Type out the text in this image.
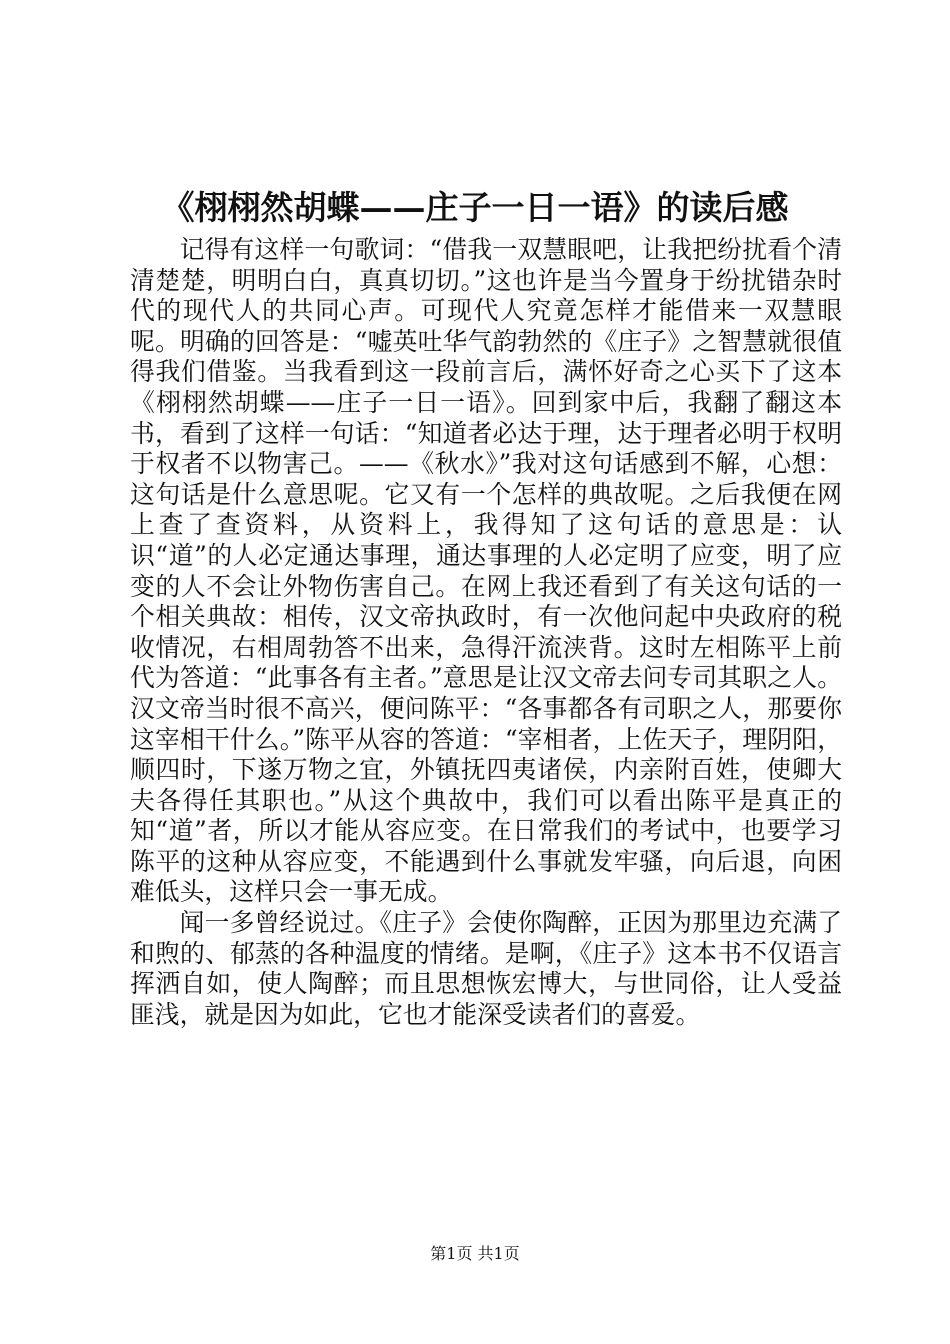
《栩栩然胡蝶——庄子一日一语》的读后感

记得有这样一句歌词：“借我一双慧眼吧，让我把纷扰看个清清楚楚，明明白白，真真切切。”这也许是当今置身于纷扰错杂时代的现代人的共同心声。可现代人究竟怎样才能借来一双慧眼呢。明确的回答是：“嘘英吐华气韵勃然的《庄子》之智慧就很值得我们借鉴。当我看到这一段前言后，满怀好奇之心买下了这本《栩栩然胡蝶——庄子一日一语》。回到家中后，我翻了翻这本书，看到了这样一句话：“知道者必达于理，达于理者必明于权明于权者不以物害己。——《秋水》”我对这句话感到不解，心想：这句话是什么意思呢。它又有一个怎样的典故呢。之后我便在网上查了查资料，从资料上，我得知了这句话的意思是：认识“道”的人必定通达事理，通达事理的人必定明了应变，明了应变的人不会让外物伤害自己。在网上我还看到了有关这句话的一个相关典故：相传，汉文帝执政时，有一次他问起中央政府的税收情况，右相周勃答不出来，急得汗流浃背。这时左相陈平上前代为答道：“此事各有主者。”意思是让汉文帝去问专司其职之人。汉文帝当时很不高兴，便问陈平：“各事都各有司职之人，那要你这宰相干什么。”陈平从容的答道：“宰相者，上佐天子，理阴阳，顺四时，下遂万物之宜，外镇抚四夷诸侯，内亲附百姓，使卿大夫各得任其职也。”从这个典故中，我们可以看出陈平是真正的知“道”者，所以才能从容应变。在日常我们的考试中，也要学习陈平的这种从容应变，不能遇到什么事就发牢骚，向后退，向困难低头，这样只会一事无成。

闻一多曾经说过。《庄子》会使你陶醉，正因为那里边充满了和煦的、郁蒸的各种温度的情绪。是啊，《庄子》这本书不仅语言挥洒自如，使人陶醉；而且思想恢宏博大，与世同俗，让人受益匪浅，就是因为如此，它也才能深受读者们的喜爱。

第1页 共1页
